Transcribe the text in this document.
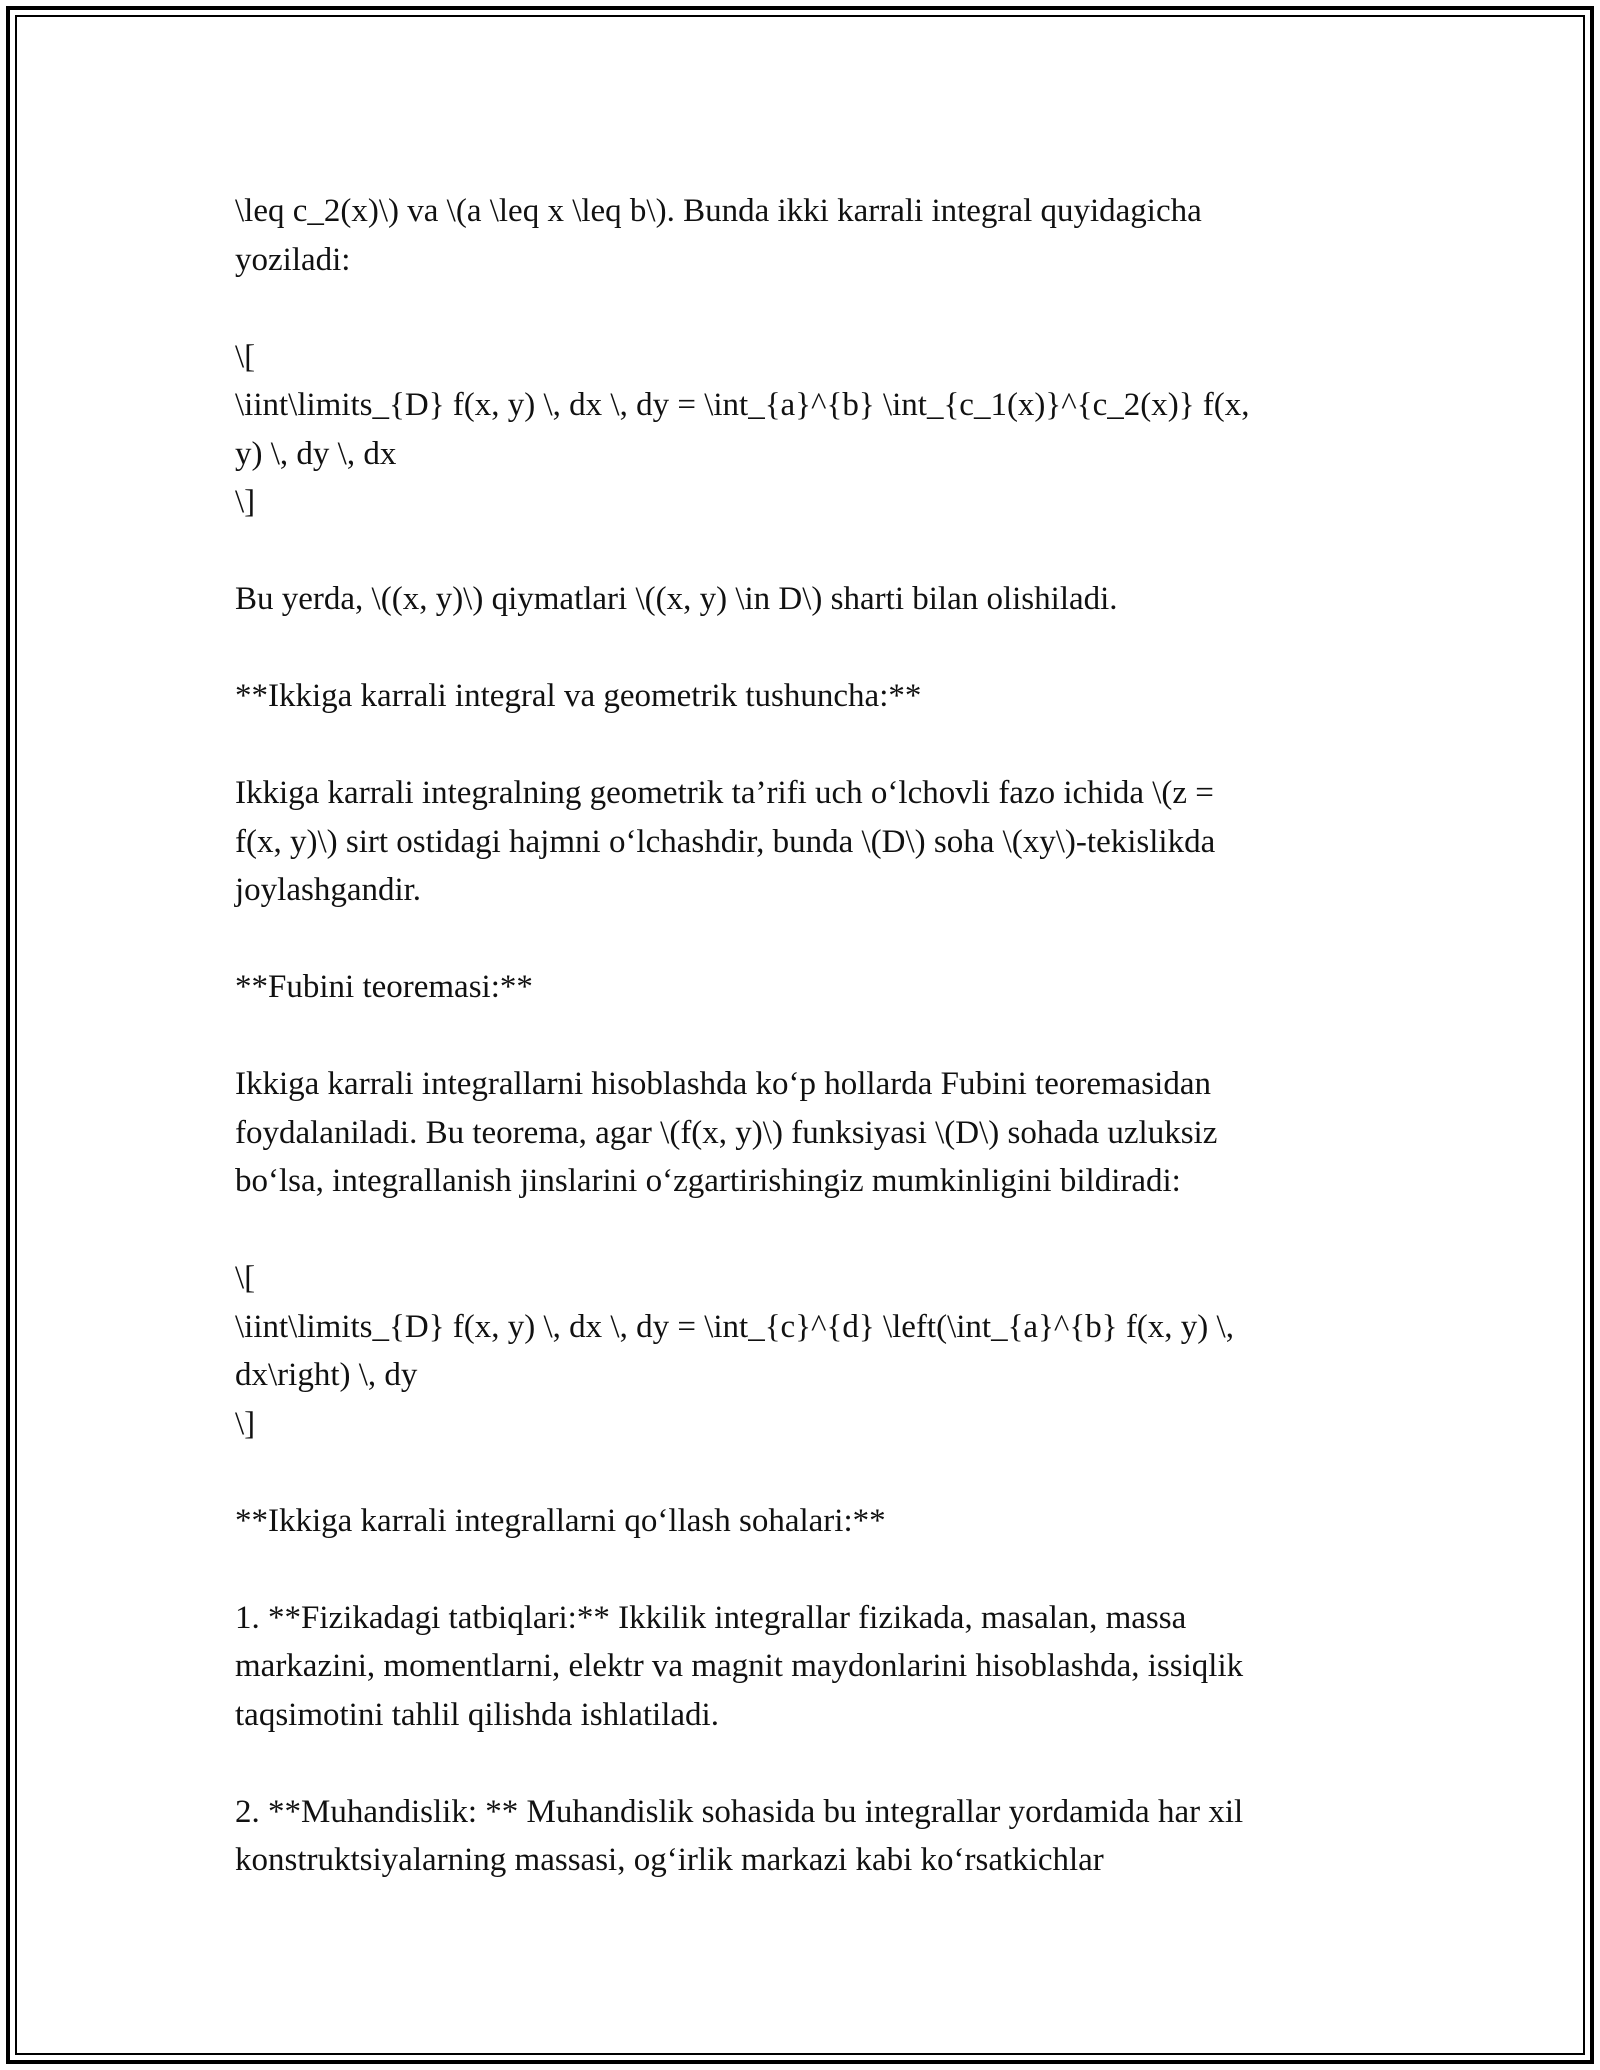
\leq c_2(x)\) va \(a \leq x \leq b\). Bunda ikki karrali integral quyidagicha
yoziladi:
\[
\iint\limits_{D} f(x, y) \, dx \, dy = \int_{a}^{b} \int_{c_1(x)}^{c_2(x)} f(x,
y) \, dy \, dx
\]
Bu yerda, \((x, y)\) qiymatlari \((x, y) \in D\) sharti bilan olishiladi.
**Ikkiga karrali integral va geometrik tushuncha:**
Ikkiga karrali integralning geometrik ta’rifi uch o‘lchovli fazo ichida \(z =
f(x, y)\) sirt ostidagi hajmni o‘lchashdir, bunda \(D\) soha \(xy\)-tekislikda
joylashgandir.
**Fubini teoremasi:**
Ikkiga karrali integrallarni hisoblashda ko‘p hollarda Fubini teoremasidan
foydalaniladi. Bu teorema, agar \(f(x, y)\) funksiyasi \(D\) sohada uzluksiz
bo‘lsa, integrallanish jinslarini o‘zgartirishingiz mumkinligini bildiradi:
\[
\iint\limits_{D} f(x, y) \, dx \, dy = \int_{c}^{d} \left(\int_{a}^{b} f(x, y) \,
dx\right) \, dy
\]
**Ikkiga karrali integrallarni qo‘llash sohalari:**
1. **Fizikadagi tatbiqlari:** Ikkilik integrallar fizikada, masalan, massa
markazini, momentlarni, elektr va magnit maydonlarini hisoblashda, issiqlik
taqsimotini tahlil qilishda ishlatiladi.
2. **Muhandislik: ** Muhandislik sohasida bu integrallar yordamida har xil
konstruktsiyalarning massasi, og‘irlik markazi kabi ko‘rsatkichlar
